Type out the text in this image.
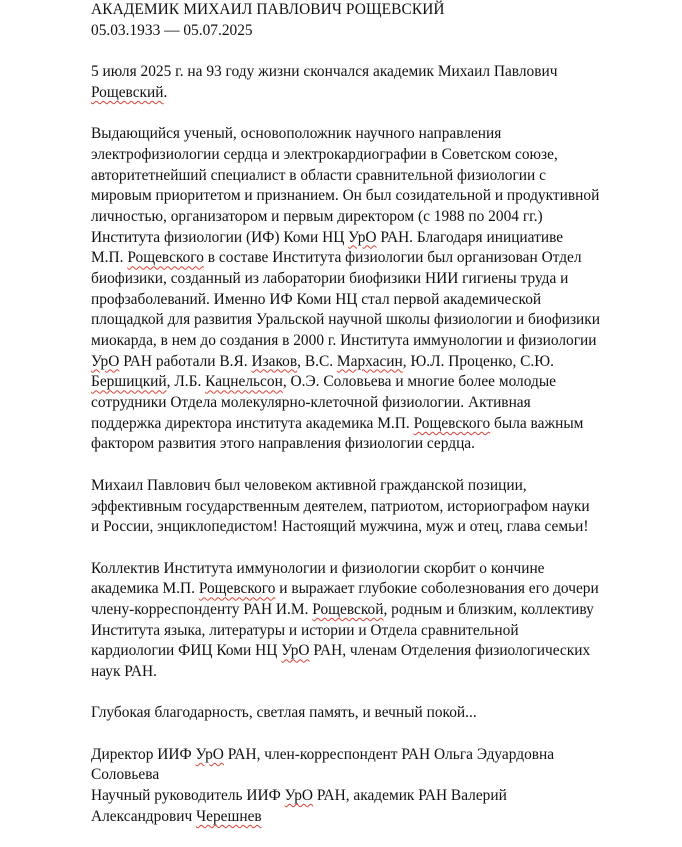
АКАДЕМИК МИХАИЛ ПАВЛОВИЧ РОЩЕВСКИЙ
05.03.1933 — 05.07.2025
5 июля 2025 г. на 93 году жизни скончался академик Михаил Павлович
Рощевский.
Выдающийся ученый, основоположник научного направления
электрофизиологии сердца и электрокардиографии в Советском союзе,
авторитетнейший специалист в области сравнительной физиологии с
мировым приоритетом и признанием. Он был созидательной и продуктивной
личностью, организатором и первым директором (с 1988 по 2004 гг.)
Института физиологии (ИФ) Коми НЦ УрО РАН. Благодаря инициативе
М.П. Рощевского в составе Института физиологии был организован Отдел
биофизики, созданный из лаборатории биофизики НИИ гигиены труда и
профзаболеваний. Именно ИФ Коми НЦ стал первой академической
площадкой для развития Уральской научной школы физиологии и биофизики
миокарда, в нем до создания в 2000 г. Института иммунологии и физиологии
УрО РАН работали В.Я. Изаков, В.С. Мархасин, Ю.Л. Проценко, С.Ю.
Бершицкий, Л.Б. Кацнельсон, О.Э. Соловьева и многие более молодые
сотрудники Отдела молекулярно-клеточной физиологии. Активная
поддержка директора института академика М.П. Рощевского была важным
фактором развития этого направления физиологии сердца.
Михаил Павлович был человеком активной гражданской позиции,
эффективным государственным деятелем, патриотом, историографом науки
и России, энциклопедистом! Настоящий мужчина, муж и отец, глава семьи!
Коллектив Института иммунологии и физиологии скорбит о кончине
академика М.П. Рощевского и выражает глубокие соболезнования его дочери
члену-корреспонденту РАН И.М. Рощевской, родным и близким, коллективу
Института языка, литературы и истории и Отдела сравнительной
кардиологии ФИЦ Коми НЦ УрО РАН, членам Отделения физиологических
наук РАН.
Глубокая благодарность, светлая память, и вечный покой...
Директор ИИФ УрО РАН, член-корреспондент РАН Ольга Эдуардовна
Соловьева
Научный руководитель ИИФ УрО РАН, академик РАН Валерий
Александрович Черешнев
